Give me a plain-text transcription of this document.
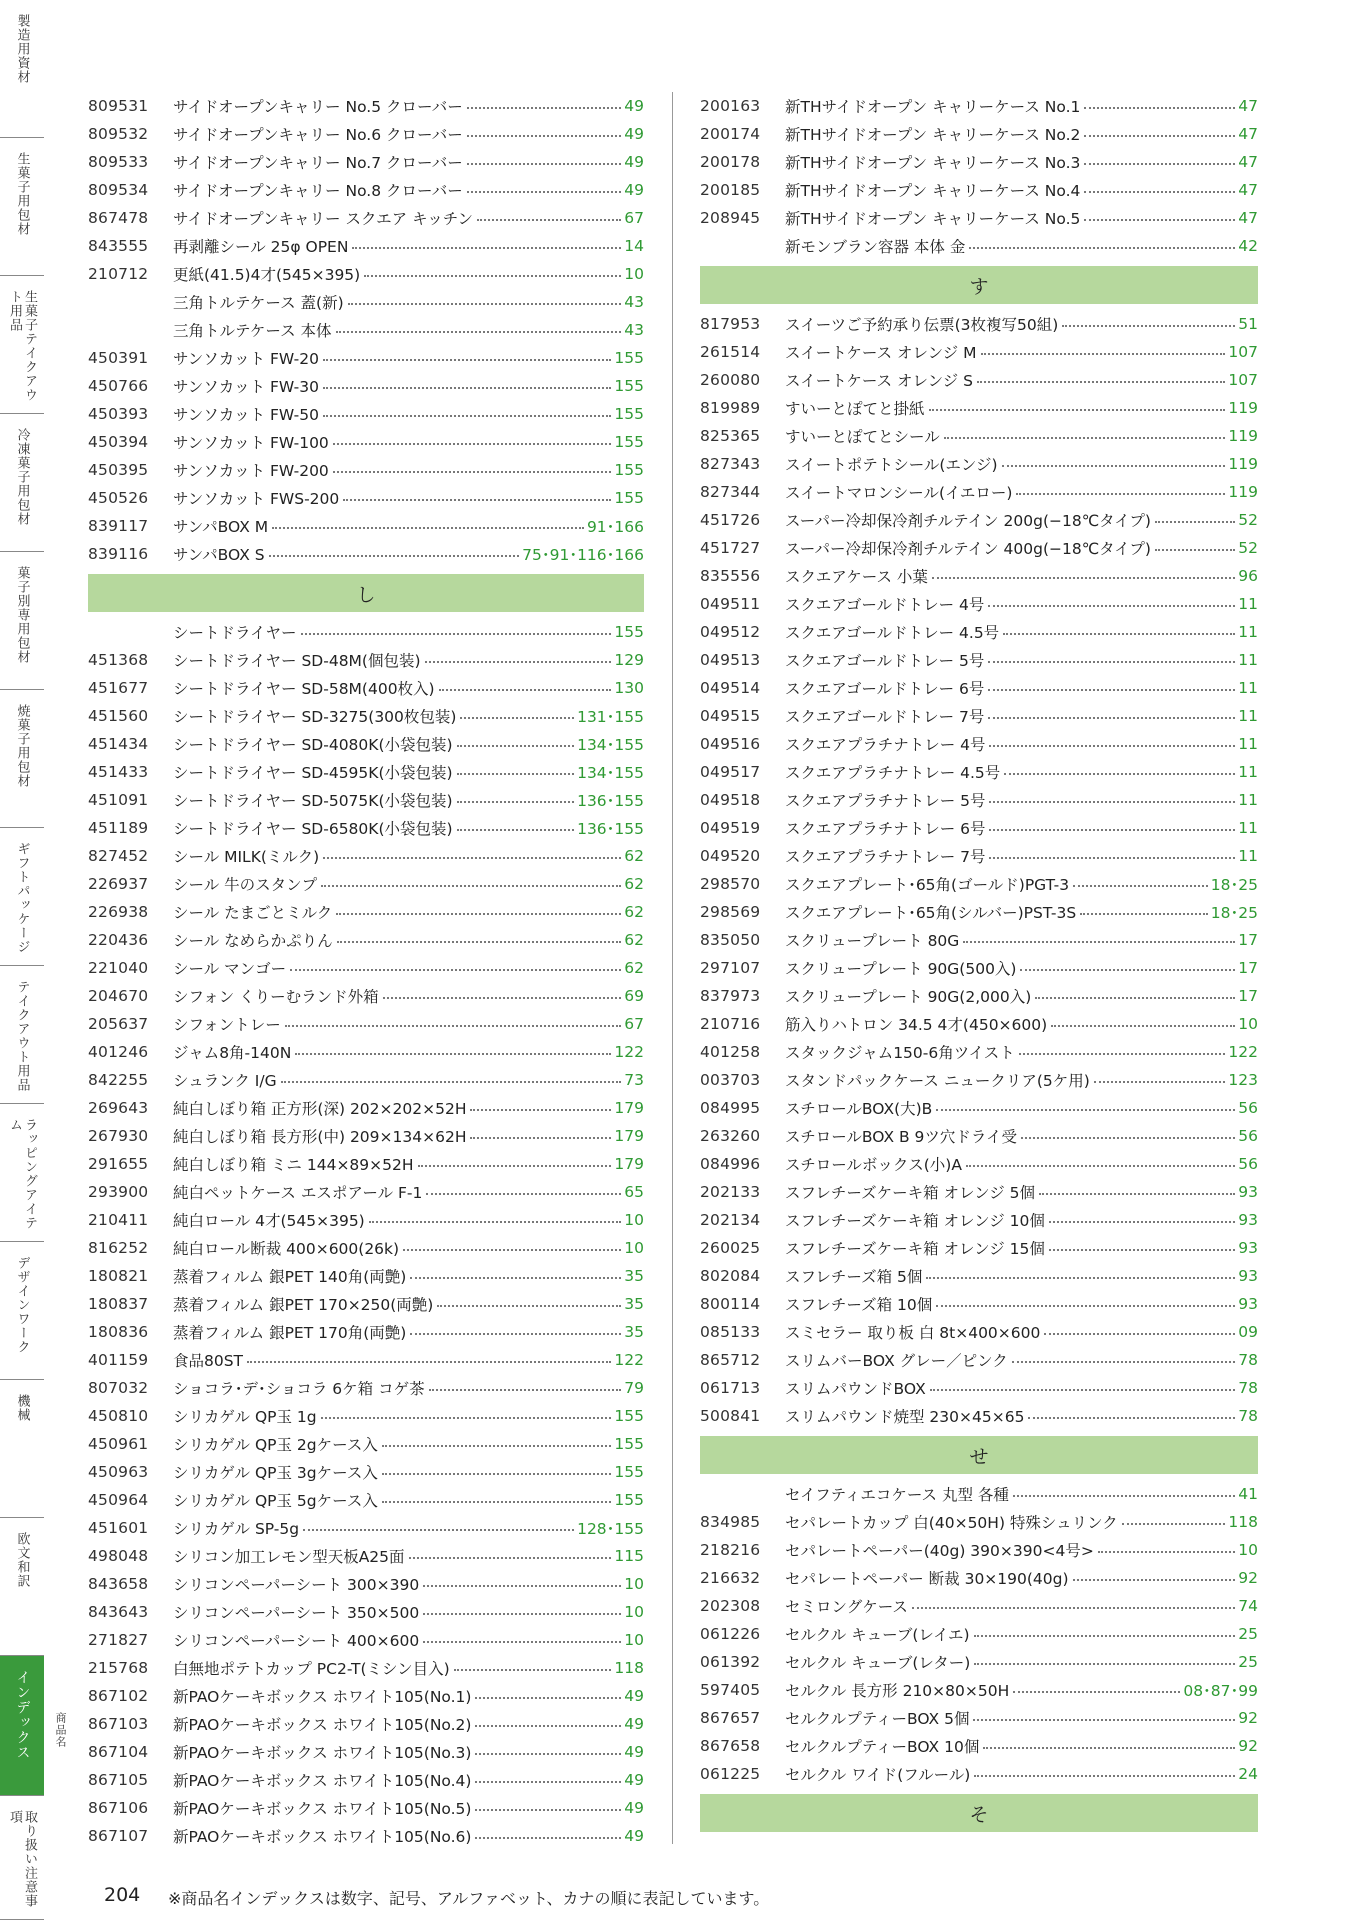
製造用資材
生菓子用包材
生菓子テイクアウト用品
冷凍菓子用包材
菓子別専用包材
焼菓子用包材
ギフトパッケージ
テイクアウト用品
ラッピングアイテム
デザインワーク
機械
欧文和訳
インデックス
取り扱い注意事項
商品名
809531	サイドオープンキャリー No.5 クローバー	49
809532	サイドオープンキャリー No.6 クローバー	49
809533	サイドオープンキャリー No.7 クローバー	49
809534	サイドオープンキャリー No.8 クローバー	49
867478	サイドオープンキャリー スクエア キッチン	67
843555	再剥離シール 25φ OPEN	14
210712	更紙(41.5)4才(545×395)	10
三角トルテケース 蓋(新)	43
三角トルテケース 本体	43
450391	サンソカット FW-20	155
450766	サンソカット FW-30	155
450393	サンソカット FW-50	155
450394	サンソカット FW-100	155
450395	サンソカット FW-200	155
450526	サンソカット FWS-200	155
839117	サンパBOX M	91･166
839116	サンパBOX S	75･91･116･166
し
シートドライヤー	155
451368	シートドライヤー SD-48M(個包装)	129
451677	シートドライヤー SD-58M(400枚入)	130
451560	シートドライヤー SD-3275(300枚包装)	131･155
451434	シートドライヤー SD-4080K(小袋包装)	134･155
451433	シートドライヤー SD-4595K(小袋包装)	134･155
451091	シートドライヤー SD-5075K(小袋包装)	136･155
451189	シートドライヤー SD-6580K(小袋包装)	136･155
827452	シール MILK(ミルク)	62
226937	シール 牛のスタンプ	62
226938	シール たまごとミルク	62
220436	シール なめらかぷりん	62
221040	シール マンゴー	62
204670	シフォン くりーむランド外箱	69
205637	シフォントレー	67
401246	ジャム8角-140N	122
842255	シュランク I/G	73
269643	純白しぼり箱 正方形(深) 202×202×52H	179
267930	純白しぼり箱 長方形(中) 209×134×62H	179
291655	純白しぼり箱 ミニ 144×89×52H	179
293900	純白ペットケース エスポアール F-1	65
210411	純白ロール 4才(545×395)	10
816252	純白ロール断裁 400×600(26k)	10
180821	蒸着フィルム 銀PET 140角(両艶)	35
180837	蒸着フィルム 銀PET 170×250(両艶)	35
180836	蒸着フィルム 銀PET 170角(両艶)	35
401159	食品80ST	122
807032	ショコラ･デ･ショコラ 6ケ箱 コゲ茶	79
450810	シリカゲル QP玉 1g	155
450961	シリカゲル QP玉 2gケース入	155
450963	シリカゲル QP玉 3gケース入	155
450964	シリカゲル QP玉 5gケース入	155
451601	シリカゲル SP-5g	128･155
498048	シリコン加工レモン型天板A25面	115
843658	シリコンペーパーシート 300×390	10
843643	シリコンペーパーシート 350×500	10
271827	シリコンペーパーシート 400×600	10
215768	白無地ポテトカップ PC2-T(ミシン目入)	118
867102	新PAOケーキボックス ホワイト105(No.1)	49
867103	新PAOケーキボックス ホワイト105(No.2)	49
867104	新PAOケーキボックス ホワイト105(No.3)	49
867105	新PAOケーキボックス ホワイト105(No.4)	49
867106	新PAOケーキボックス ホワイト105(No.5)	49
867107	新PAOケーキボックス ホワイト105(No.6)	49
200163	新THサイドオープン キャリーケース No.1	47
200174	新THサイドオープン キャリーケース No.2	47
200178	新THサイドオープン キャリーケース No.3	47
200185	新THサイドオープン キャリーケース No.4	47
208945	新THサイドオープン キャリーケース No.5	47
新モンブラン容器 本体 金	42
す
817953	スイーツご予約承り伝票(3枚複写50組)	51
261514	スイートケース オレンジ M	107
260080	スイートケース オレンジ S	107
819989	すいーとぽてと掛紙	119
825365	すいーとぽてとシール	119
827343	スイートポテトシール(エンジ)	119
827344	スイートマロンシール(イエロー)	119
451726	スーパー冷却保冷剤チルテイン 200g(−18℃タイプ)	52
451727	スーパー冷却保冷剤チルテイン 400g(−18℃タイプ)	52
835556	スクエアケース 小葉	96
049511	スクエアゴールドトレー 4号	11
049512	スクエアゴールドトレー 4.5号	11
049513	スクエアゴールドトレー 5号	11
049514	スクエアゴールドトレー 6号	11
049515	スクエアゴールドトレー 7号	11
049516	スクエアプラチナトレー 4号	11
049517	スクエアプラチナトレー 4.5号	11
049518	スクエアプラチナトレー 5号	11
049519	スクエアプラチナトレー 6号	11
049520	スクエアプラチナトレー 7号	11
298570	スクエアプレート･65角(ゴールド)PGT-3	18･25
298569	スクエアプレート･65角(シルバー)PST-3S	18･25
835050	スクリュープレート 80G	17
297107	スクリュープレート 90G(500入)	17
837973	スクリュープレート 90G(2,000入)	17
210716	筋入りハトロン 34.5 4才(450×600)	10
401258	スタックジャム150-6角ツイスト	122
003703	スタンドパックケース ニュークリア(5ケ用)	123
084995	スチロールBOX(大)B	56
263260	スチロールBOX B 9ツ穴ドライ受	56
084996	スチロールボックス(小)A	56
202133	スフレチーズケーキ箱 オレンジ 5個	93
202134	スフレチーズケーキ箱 オレンジ 10個	93
260025	スフレチーズケーキ箱 オレンジ 15個	93
802084	スフレチーズ箱 5個	93
800114	スフレチーズ箱 10個	93
085133	スミセラー 取り板 白 8t×400×600	09
865712	スリムバーBOX グレー／ピンク	78
061713	スリムパウンドBOX	78
500841	スリムパウンド焼型 230×45×65	78
せ
セイフティエコケース 丸型 各種	41
834985	セパレートカップ 白(40×50H) 特殊シュリンク	118
218216	セパレートペーパー(40g) 390×390<4号>	10
216632	セパレートペーパー 断裁 30×190(40g)	92
202308	セミロングケース	74
061226	セルクル キューブ(レイエ)	25
061392	セルクル キューブ(レター)	25
597405	セルクル 長方形 210×80×50H	08･87･99
867657	セルクルプティーBOX 5個	92
867658	セルクルプティーBOX 10個	92
061225	セルクル ワイド(フルール)	24
そ
204 ※商品名インデックスは数字、記号、アルファベット、カナの順に表記しています。
